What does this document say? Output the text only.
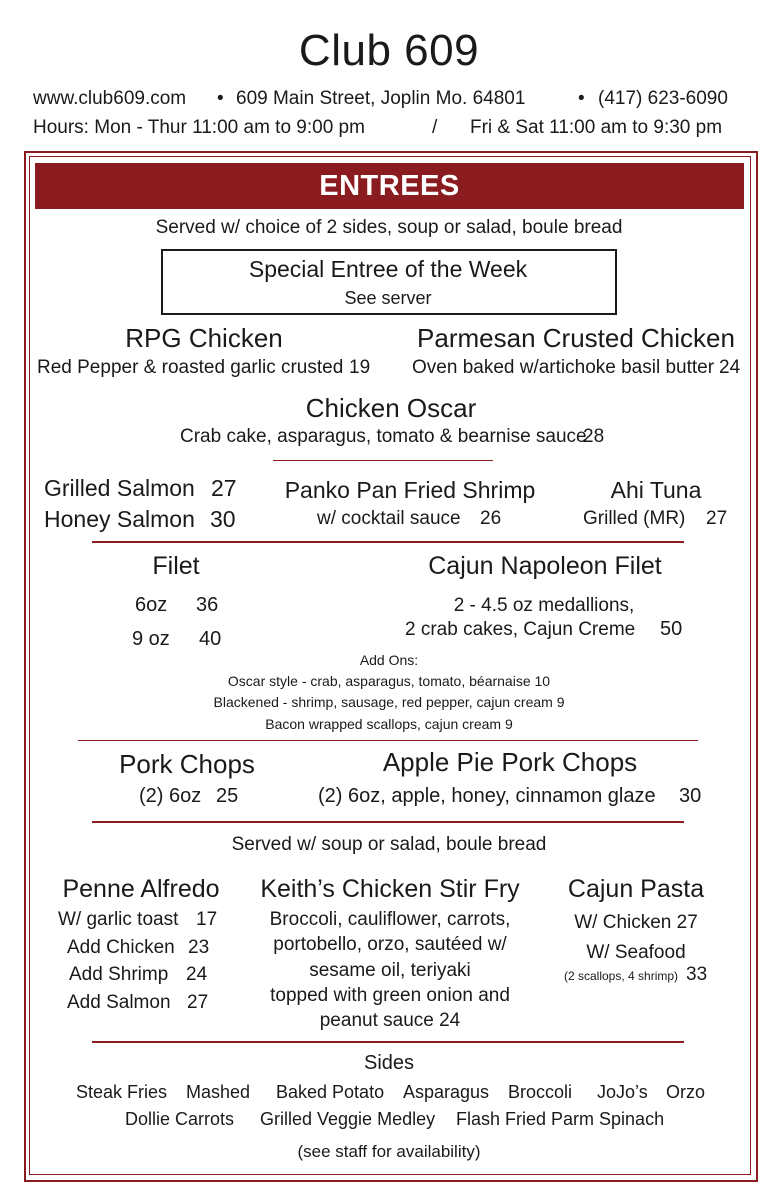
Club 609
www.club609.com • 609 Main Street, Joplin Mo. 64801	• (417) 623-6090
Hours: Mon - Thur 11:00 am to 9:00 pm	/ Fri & Sat 11:00 am to 9:30 pm
ENTREES
Served w/ choice of 2 sides, soup or salad, boule bread
Special Entree of the Week
See server
RPG Chicken
Red Pepper & roasted garlic crusted 19
Parmesan Crusted Chicken
Oven baked w/artichoke basil butter 24
Chicken Oscar
Crab cake, asparagus, tomato & bearnise sauce
28
Grilled Salmon 27
Honey Salmon 30
Panko Pan Fried Shrimp
w/ cocktail sauce 26
Ahi Tuna
Grilled (MR) 27
Filet
6oz 36
9 oz 40
Cajun Napoleon Filet
2 - 4.5 oz medallions,
2 crab cakes, Cajun Creme 50
Add Ons:
Oscar style - crab, asparagus, tomato, béarnaise 10
Blackened - shrimp, sausage, red pepper, cajun cream 9
Bacon wrapped scallops, cajun cream 9
Pork Chops
(2) 6oz 25
Apple Pie Pork Chops
(2) 6oz, apple, honey, cinnamon glaze 30
Served w/ soup or salad, boule bread
Penne Alfredo
W/ garlic toast 17
Add Chicken 23
Add Shrimp 24
Add Salmon 27
Keith’s Chicken Stir Fry
Broccoli, cauliflower, carrots,
portobello, orzo, sautéed w/
sesame oil, teriyaki
topped with green onion and
peanut sauce 24
Cajun Pasta
W/ Chicken 27
W/ Seafood
(2 scallops, 4 shrimp) 33
Sides
Steak Fries Mashed Baked Potato Asparagus Broccoli JoJo’s Orzo
Dollie Carrots Grilled Veggie Medley Flash Fried Parm Spinach
(see staff for availability)
